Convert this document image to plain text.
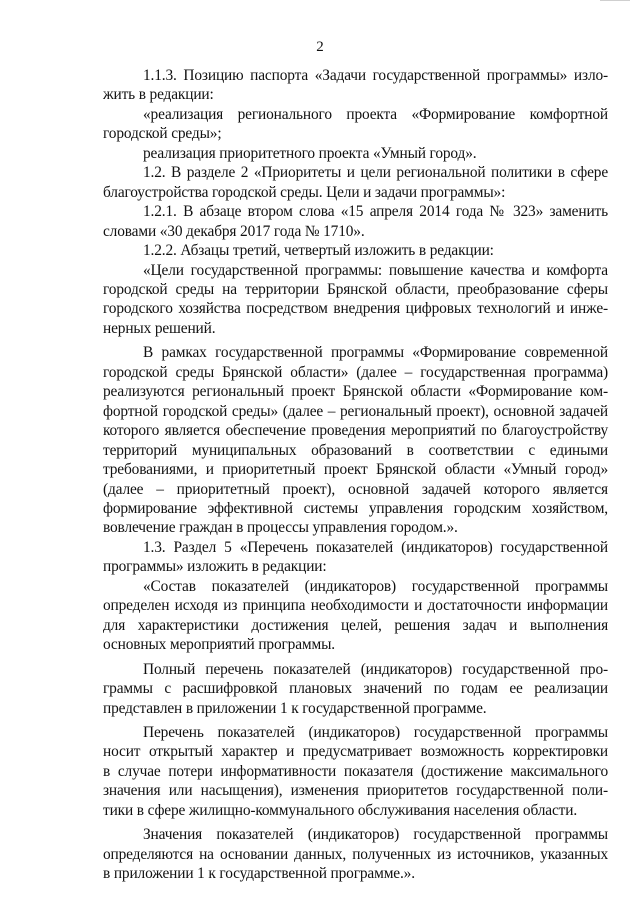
2
1.1.3. Позицию паспорта «Задачи государственной программы» изло-
жить в редакции:
«реализация регионального проекта «Формирование комфортной
городской среды»;
реализация приоритетного проекта «Умный город».
1.2. В разделе 2 «Приоритеты и цели региональной политики в сфере
благоустройства городской среды. Цели и задачи программы»:
1.2.1. В абзаце втором слова «15 апреля 2014 года № 323» заменить
словами «30 декабря 2017 года № 1710».
1.2.2. Абзацы третий, четвертый изложить в редакции:
«Цели государственной программы: повышение качества и комфорта
городской среды на территории Брянской области, преобразование сферы
городского хозяйства посредством внедрения цифровых технологий и инже-
нерных решений.
В рамках государственной программы «Формирование современной
городской среды Брянской области» (далее – государственная программа)
реализуются региональный проект Брянской области «Формирование ком-
фортной городской среды» (далее – региональный проект), основной задачей
которого является обеспечение проведения мероприятий по благоустройству
территорий муниципальных образований в соответствии с едиными
требованиями, и приоритетный проект Брянской области «Умный город»
(далее – приоритетный проект), основной задачей которого является
формирование эффективной системы управления городским хозяйством,
вовлечение граждан в процессы управления городом.».
1.3. Раздел 5 «Перечень показателей (индикаторов) государственной
программы» изложить в редакции:
«Состав показателей (индикаторов) государственной программы
определен исходя из принципа необходимости и достаточности информации
для характеристики достижения целей, решения задач и выполнения
основных мероприятий программы.
Полный перечень показателей (индикаторов) государственной про-
граммы с расшифровкой плановых значений по годам ее реализации
представлен в приложении 1 к государственной программе.
Перечень показателей (индикаторов) государственной программы
носит открытый характер и предусматривает возможность корректировки
в случае потери информативности показателя (достижение максимального
значения или насыщения), изменения приоритетов государственной поли-
тики в сфере жилищно-коммунального обслуживания населения области.
Значения показателей (индикаторов) государственной программы
определяются на основании данных, полученных из источников, указанных
в приложении 1 к государственной программе.».
